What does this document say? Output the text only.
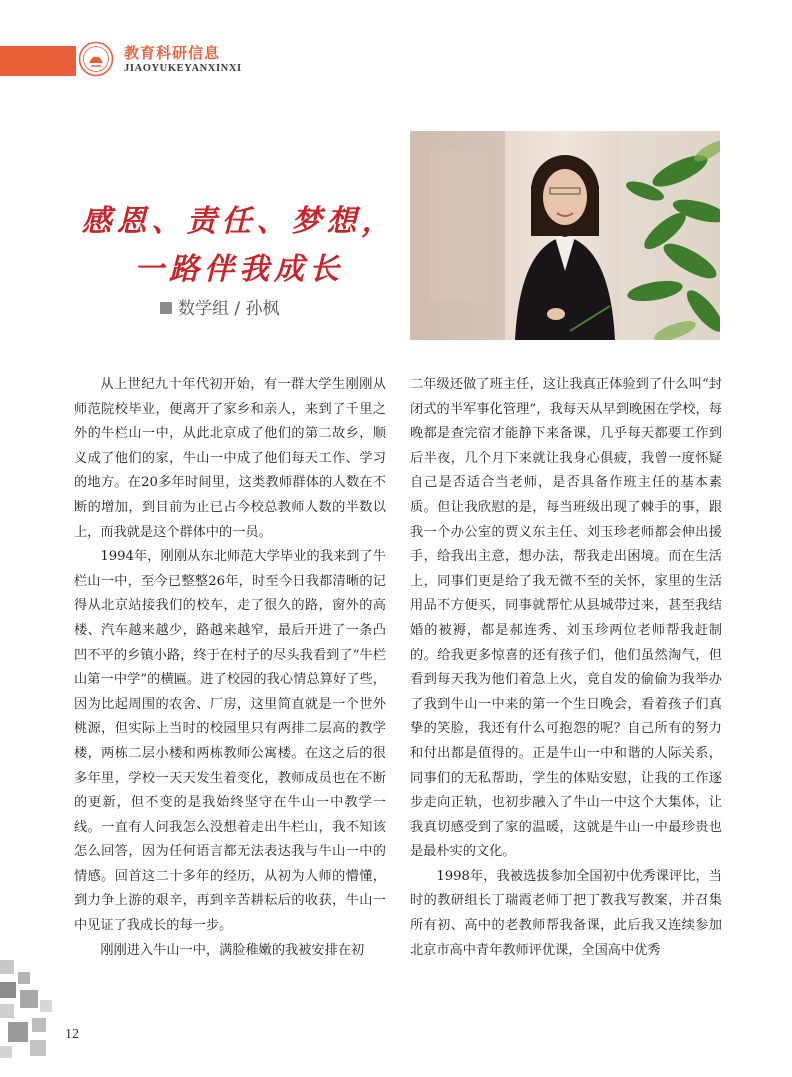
教育科研信息
JIAOYUKEYANXINXI
感恩、责任、梦想，
一路伴我成长
数学组 / 孙枫

从上世纪九十年代初开始，有一群大学生刚刚从师范院校毕业，便离开了家乡和亲人，来到了千里之外的牛栏山一中，从此北京成了他们的第二故乡，顺义成了他们的家，牛山一中成了他们每天工作、学习的地方。在20多年时间里，这类教师群体的人数在不断的增加，到目前为止已占今校总教师人数的半数以上，而我就是这个群体中的一员。

1994年，刚刚从东北师范大学毕业的我来到了牛栏山一中，至今已整整26年，时至今日我都清晰的记得从北京站接我们的校车，走了很久的路，窗外的高楼、汽车越来越少，路越来越窄，最后开进了一条凸凹不平的乡镇小路，终于在村子的尽头我看到了“牛栏山第一中学”的横匾。进了校园的我心情总算好了些，因为比起周围的农舍、厂房，这里简直就是一个世外桃源，但实际上当时的校园里只有两排二层高的教学楼，两栋二层小楼和两栋教师公寓楼。在这之后的很多年里，学校一天天发生着变化，教师成员也在不断的更新，但不变的是我始终坚守在牛山一中教学一线。一直有人问我怎么没想着走出牛栏山，我不知该怎么回答，因为任何语言都无法表达我与牛山一中的情感。回首这二十多年的经历，从初为人师的懵懂，到力争上游的艰辛，再到辛苦耕耘后的收获，牛山一中见证了我成长的每一步。

刚刚进入牛山一中，满脸稚嫩的我被安排在初

二年级还做了班主任，这让我真正体验到了什么叫“封闭式的半军事化管理”，我每天从早到晚困在学校，每晚都是查完宿才能静下来备课，几乎每天都要工作到后半夜，几个月下来就让我身心俱疲，我曾一度怀疑自己是否适合当老师，是否具备作班主任的基本素质。但让我欣慰的是，每当班级出现了棘手的事，跟我一个办公室的贾义东主任、刘玉珍老师都会伸出援手，给我出主意，想办法，帮我走出困境。而在生活上，同事们更是给了我无微不至的关怀，家里的生活用品不方便买，同事就帮忙从县城带过来，甚至我结婚的被褥，都是郝连秀、刘玉珍两位老师帮我赶制的。给我更多惊喜的还有孩子们，他们虽然淘气，但看到每天我为他们着急上火，竟自发的偷偷为我举办了我到牛山一中来的第一个生日晚会，看着孩子们真挚的笑脸，我还有什么可抱怨的呢？自己所有的努力和付出都是值得的。正是牛山一中和谐的人际关系，同事们的无私帮助，学生的体贴安慰，让我的工作逐步走向正轨，也初步融入了牛山一中这个大集体，让我真切感受到了家的温暖，这就是牛山一中最珍贵也是最朴实的文化。

1998年，我被选拔参加全国初中优秀课评比，当时的教研组长丁瑞霞老师丁把丁教我写教案，并召集所有初、高中的老教师帮我备课，此后我又连续参加北京市高中青年教师评优课，全国高中优秀

12
